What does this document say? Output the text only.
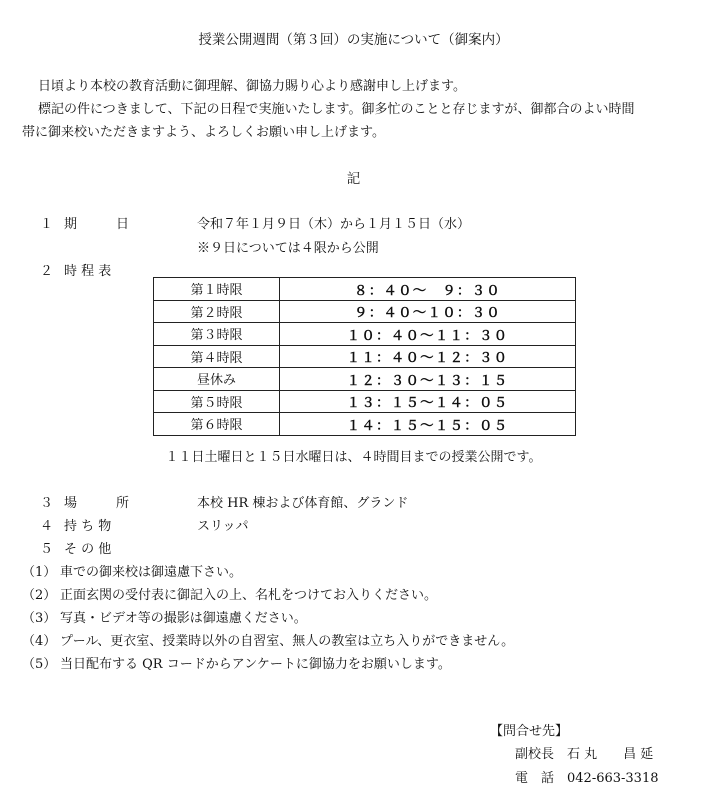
授業公開週間（第３回）の実施について（御案内）
日頃より本校の教育活動に御理解、御協力賜り心より感謝申し上げます。
標記の件につきまして、下記の日程で実施いたします。御多忙のことと存じますが、御都合のよい時間
帯に御来校いただきますよう、よろしくお願い申し上げます。
記
１ 期　　　日	令和７年１月９日（木）から１月１５日（水）
※９日については４限から公開
２ 時 程 表
第１時限	８：４０〜　９：３０
第２時限	９：４０〜１０：３０
第３時限	１０：４０〜１１：３０
第４時限	１１：４０〜１２：３０
昼休み	１２：３０〜１３：１５
第５時限	１３：１５〜１４：０５
第６時限	１４：１５〜１５：０５
１１日土曜日と１５日水曜日は、４時間目までの授業公開です。
３ 場　　　所	本校 HR 棟および体育館、グランド
４ 持 ち 物	スリッパ
５ そ の 他
（1） 車での御来校は御遠慮下さい。
（2） 正面玄関の受付表に御記入の上、名札をつけてお入りください。
（3） 写真・ビデオ等の撮影は御遠慮ください。
（4） プール、更衣室、授業時以外の自習室、無人の教室は立ち入りができません。
（5） 当日配布する QR コードからアンケートに御協力をお願いします。
【問合せ先】
副校長　石 丸　　昌 延
電　話　042-663-3318
